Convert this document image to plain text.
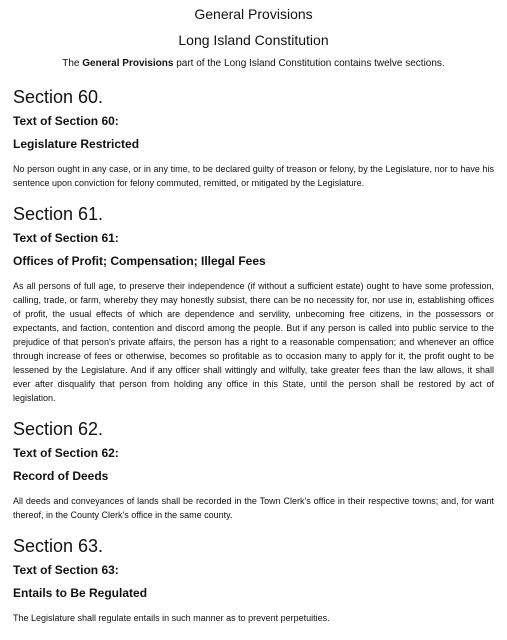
General Provisions
Long Island Constitution

The General Provisions part of the Long Island Constitution contains twelve sections.

Section 60.
Text of Section 60:
Legislature Restricted

No person ought in any case, or in any time, to be declared guilty of treason or felony, by the Legislature, nor to have his sentence upon conviction for felony commuted, remitted, or mitigated by the Legislature.

Section 61.
Text of Section 61:
Offices of Profit; Compensation; Illegal Fees

As all persons of full age, to preserve their independence (if without a sufficient estate) ought to have some profession, calling, trade, or farm, whereby they may honestly subsist, there can be no necessity for, nor use in, establishing offices of profit, the usual effects of which are dependence and servility, unbecoming free citizens, in the possessors or expectants, and faction, contention and discord among the people. But if any person is called into public service to the prejudice of that person's private affairs, the person has a right to a reasonable compensation; and whenever an office through increase of fees or otherwise, becomes so profitable as to occasion many to apply for it, the profit ought to be lessened by the Legislature. And if any officer shall wittingly and wilfully, take greater fees than the law allows, it shall ever after disqualify that person from holding any office in this State, until the person shall be restored by act of legislation.

Section 62.
Text of Section 62:
Record of Deeds

All deeds and conveyances of lands shall be recorded in the Town Clerk's office in their respective towns; and, for want thereof, in the County Clerk's office in the same county.

Section 63.
Text of Section 63:
Entails to Be Regulated

The Legislature shall regulate entails in such manner as to prevent perpetuities.
